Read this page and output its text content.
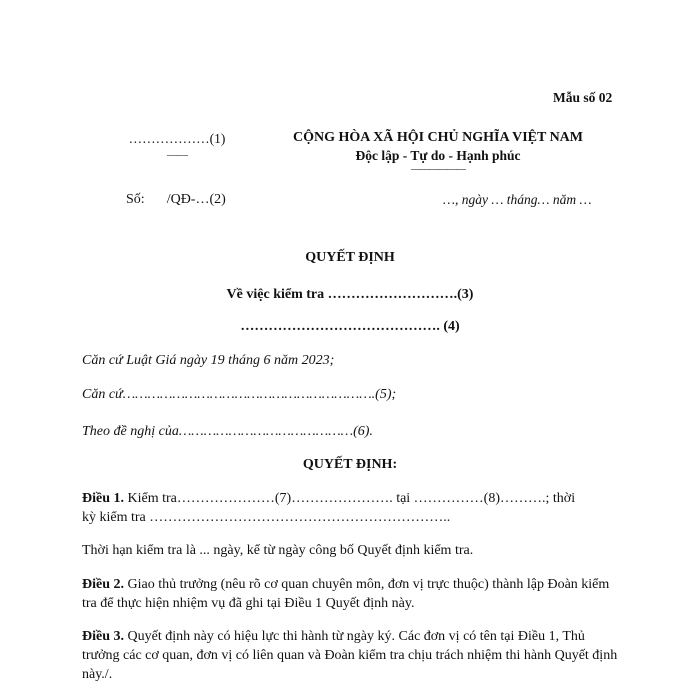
Mẫu số 02
………………(1)
——
CỘNG HÒA XÃ HỘI CHỦ NGHĨA VIỆT NAM
Độc lập - Tự do - Hạnh phúc
——————
Số: /QĐ-…(2)	…, ngày … tháng… năm …
QUYẾT ĐỊNH
Về việc kiểm tra ……………………….(3)
……………………………………. (4)
Căn cứ Luật Giá ngày 19 tháng 6 năm 2023;
Căn cứ…………………………………………………….(5);
Theo đề nghị của……………………………………(6).
QUYẾT ĐỊNH:
Điều 1. Kiểm tra…………………(7)…………………. tại ……………(8)……….; thời
kỳ kiểm tra ………………………………………………………..
Thời hạn kiểm tra là ... ngày, kể từ ngày công bố Quyết định kiểm tra.
Điều 2. Giao thủ trưởng (nêu rõ cơ quan chuyên môn, đơn vị trực thuộc) thành lập Đoàn kiểm tra để thực hiện nhiệm vụ đã ghi tại Điều 1 Quyết định này.
Điều 3. Quyết định này có hiệu lực thi hành từ ngày ký. Các đơn vị có tên tại Điều 1, Thủ trưởng các cơ quan, đơn vị có liên quan và Đoàn kiểm tra chịu trách nhiệm thi hành Quyết định này./.
